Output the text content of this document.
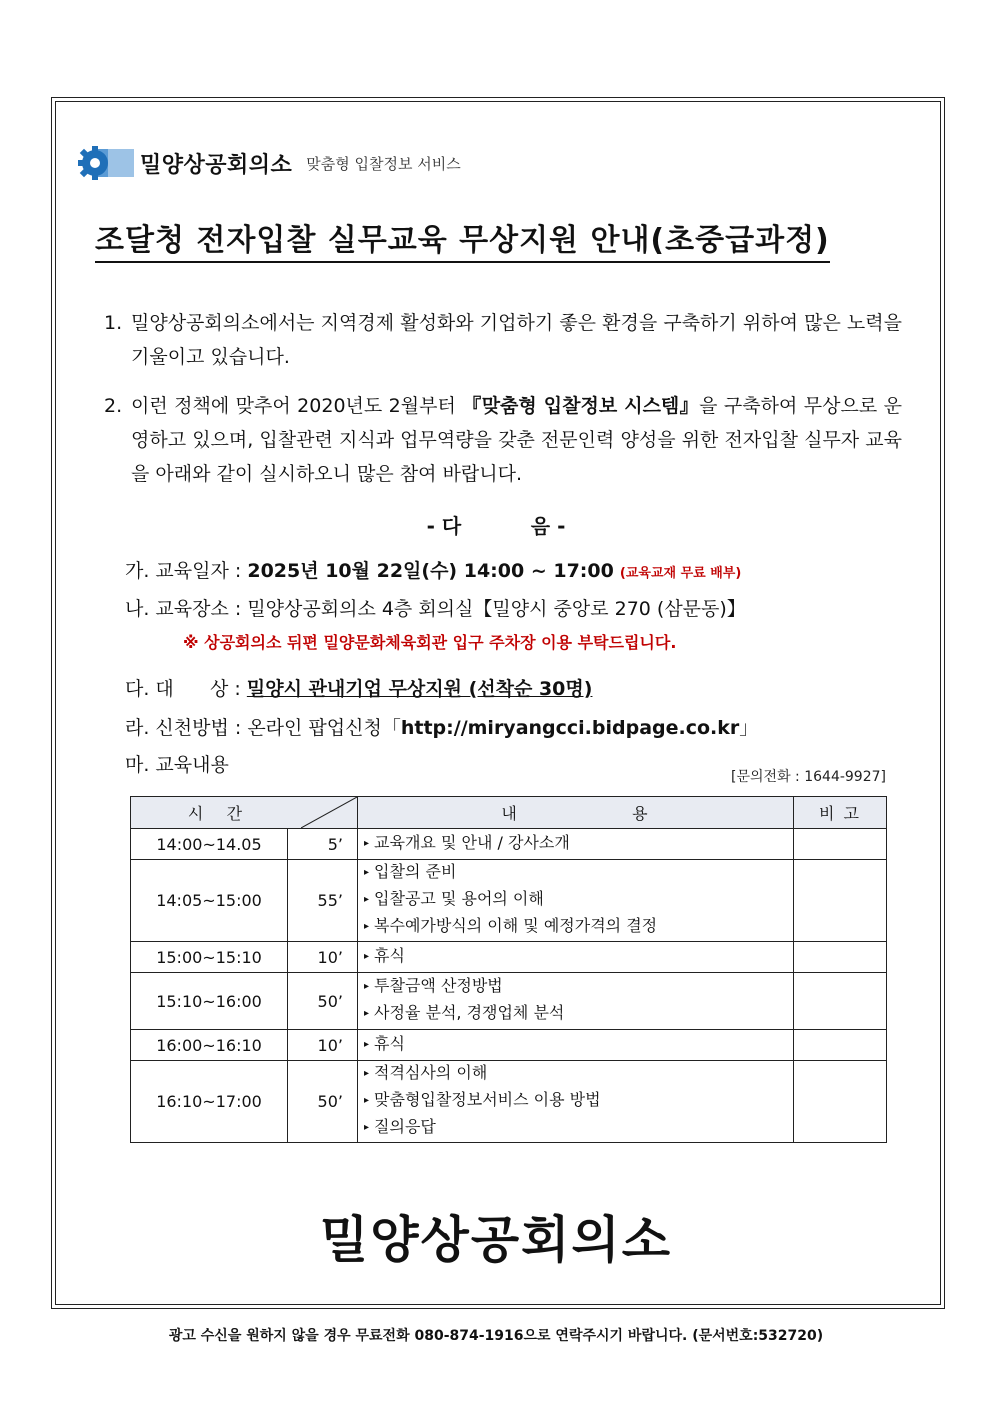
밀양상공회의소 맞춤형 입찰정보 서비스
조달청 전자입찰 실무교육 무상지원 안내(초중급과정)
1. 밀양상공회의소에서는 지역경제 활성화와 기업하기 좋은 환경을 구축하기 위하여 많은 노력을 기울이고 있습니다.
2. 이런 정책에 맞추어 2020년도 2월부터 『맞춤형 입찰정보 시스템』을 구축하여 무상으로 운영하고 있으며, 입찰관련 지식과 업무역량을 갖춘 전문인력 양성을 위한 전자입찰 실무자 교육을 아래와 같이 실시하오니 많은 참여 바랍니다.
- 다          음 -
가. 교육일자 : 2025년 10월 22일(수) 14:00 ~ 17:00 (교육교재 무료 배부)
나. 교육장소 : 밀양상공회의소 4층 회의실【밀양시 중앙로 270 (삼문동)】
※ 상공회의소 뒤편 밀양문화체육회관 입구 주차장 이용 부탁드립니다.
다. 대      상 : 밀양시 관내기업 무상지원 (선착순 30명)
라. 신천방법 : 온라인 팝업신청「http://miryangcci.bidpage.co.kr」
마. 교육내용
[문의전화 : 1644-9927]
시   간		내                용	비 고
14:00~14.05	5’	▸ 교육개요 및 안내 / 강사소개	

14:05~15:00	55’	▸ 입찰의 준비
▸ 입찰공고 및 용어의 이해
▸ 복수예가방식의 이해 및 예정가격의 결정	

15:00~15:10	10’	▸ 휴식	

15:10~16:00	50’	▸ 투찰금액 산정방법
▸ 사정율 분석, 경쟁업체 분석	

16:00~16:10	10’	▸ 휴식	

16:10~17:00	50’	▸ 적격심사의 이해
▸ 맞춤형입찰정보서비스 이용 방법
▸ 질의응답	

밀양상공회의소
광고 수신을 원하지 않을 경우 무료전화 080-874-1916으로 연락주시기 바랍니다. (문서번호:532720)
